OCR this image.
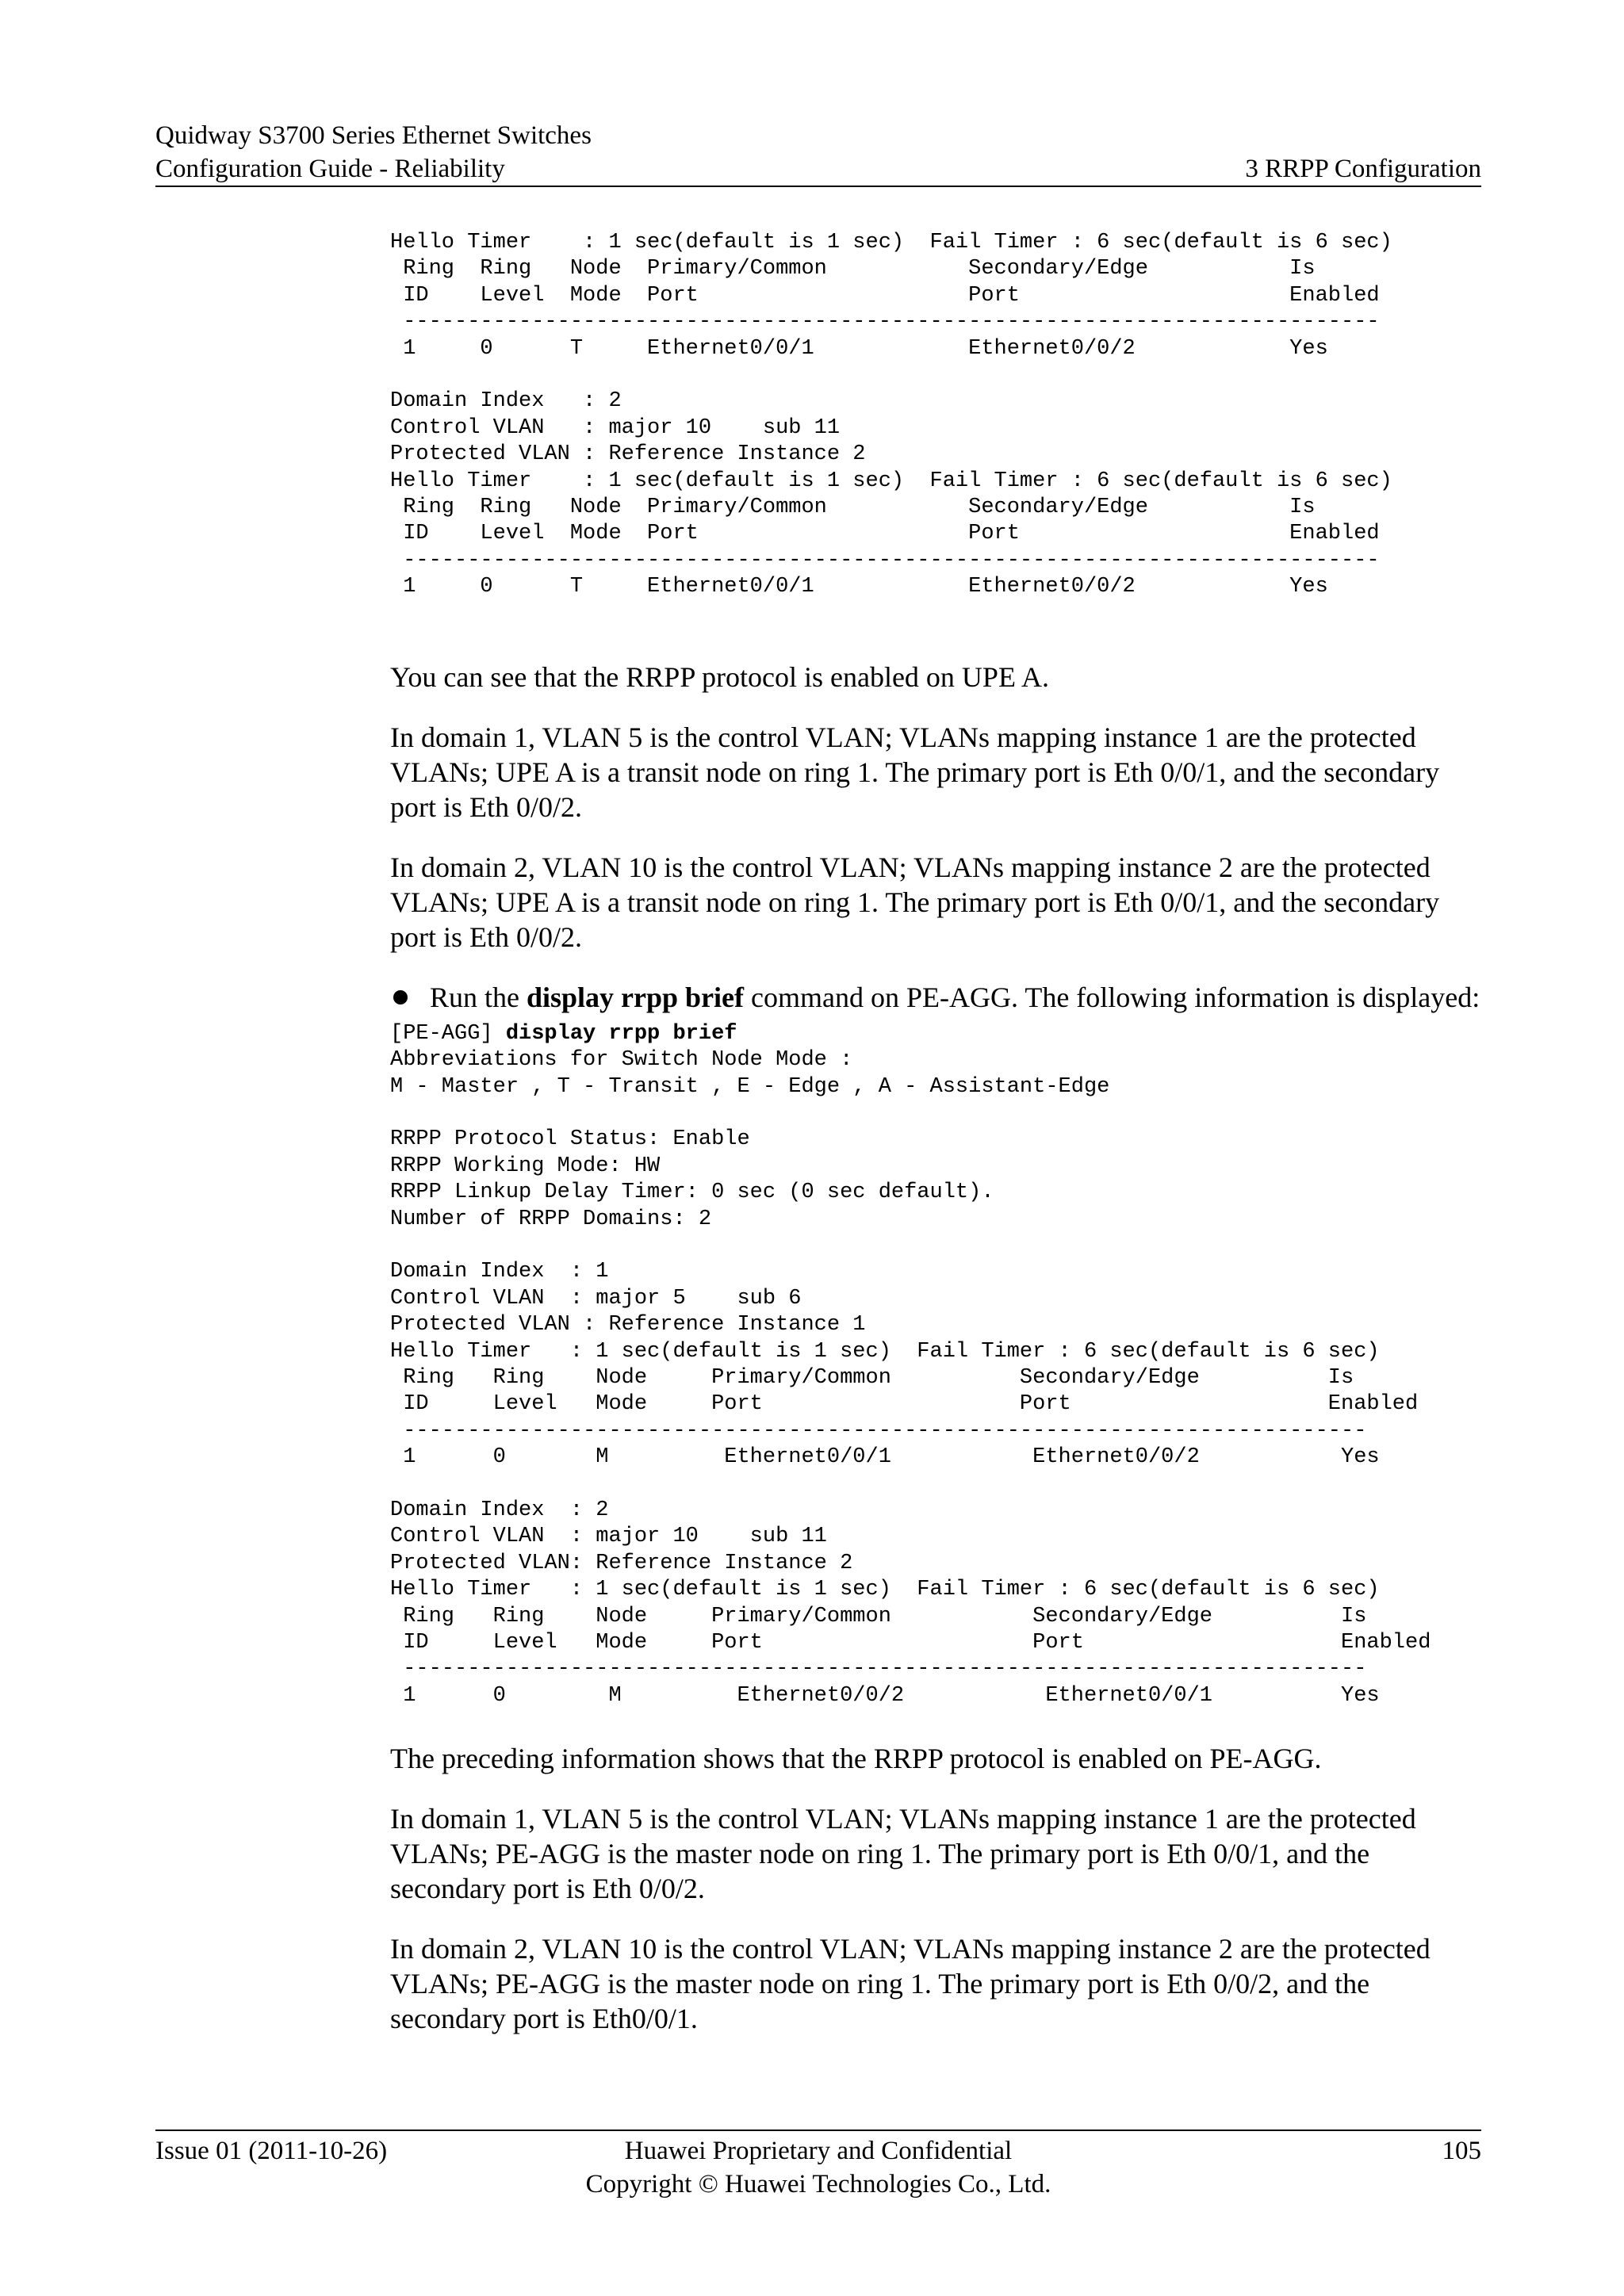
Quidway S3700 Series Ethernet Switches
Configuration Guide - Reliability	3 RRPP Configuration
Hello Timer    : 1 sec(default is 1 sec)  Fail Timer : 6 sec(default is 6 sec)
Ring  Ring   Node  Primary/Common           Secondary/Edge           Is
ID    Level  Mode  Port                     Port                     Enabled
----------------------------------------------------------------------------
1     0      T     Ethernet0/0/1            Ethernet0/0/2            Yes

Domain Index   : 2
Control VLAN   : major 10    sub 11
Protected VLAN : Reference Instance 2
Hello Timer    : 1 sec(default is 1 sec)  Fail Timer : 6 sec(default is 6 sec)
Ring  Ring   Node  Primary/Common           Secondary/Edge           Is
ID    Level  Mode  Port                     Port                     Enabled
----------------------------------------------------------------------------
1     0      T     Ethernet0/0/1            Ethernet0/0/2            Yes

You can see that the RRPP protocol is enabled on UPE A.

In domain 1, VLAN 5 is the control VLAN; VLANs mapping instance 1 are the protected VLANs; UPE A is a transit node on ring 1. The primary port is Eth 0/0/1, and the secondary port is Eth 0/0/2.

In domain 2, VLAN 10 is the control VLAN; VLANs mapping instance 2 are the protected VLANs; UPE A is a transit node on ring 1. The primary port is Eth 0/0/1, and the secondary port is Eth 0/0/2.

Run the display rrpp brief command on PE-AGG. The following information is displayed:
[PE-AGG] display rrpp brief
Abbreviations for Switch Node Mode :
M - Master , T - Transit , E - Edge , A - Assistant-Edge

RRPP Protocol Status: Enable
RRPP Working Mode: HW
RRPP Linkup Delay Timer: 0 sec (0 sec default).
Number of RRPP Domains: 2

Domain Index  : 1
Control VLAN  : major 5    sub 6
Protected VLAN : Reference Instance 1
Hello Timer   : 1 sec(default is 1 sec)  Fail Timer : 6 sec(default is 6 sec)
Ring   Ring    Node     Primary/Common          Secondary/Edge          Is
ID     Level   Mode     Port                    Port                    Enabled
---------------------------------------------------------------------------
1      0       M         Ethernet0/0/1           Ethernet0/0/2           Yes

Domain Index  : 2
Control VLAN  : major 10    sub 11
Protected VLAN: Reference Instance 2
Hello Timer   : 1 sec(default is 1 sec)  Fail Timer : 6 sec(default is 6 sec)
Ring   Ring    Node     Primary/Common           Secondary/Edge          Is
ID     Level   Mode     Port                     Port                    Enabled
---------------------------------------------------------------------------
1      0        M         Ethernet0/0/2           Ethernet0/0/1          Yes

The preceding information shows that the RRPP protocol is enabled on PE-AGG.

In domain 1, VLAN 5 is the control VLAN; VLANs mapping instance 1 are the protected VLANs; PE-AGG is the master node on ring 1. The primary port is Eth 0/0/1, and the secondary port is Eth 0/0/2.

In domain 2, VLAN 10 is the control VLAN; VLANs mapping instance 2 are the protected VLANs; PE-AGG is the master node on ring 1. The primary port is Eth 0/0/2, and the secondary port is Eth0/0/1.

Issue 01 (2011-10-26)	Huawei Proprietary and Confidential
Copyright © Huawei Technologies Co., Ltd.
105
